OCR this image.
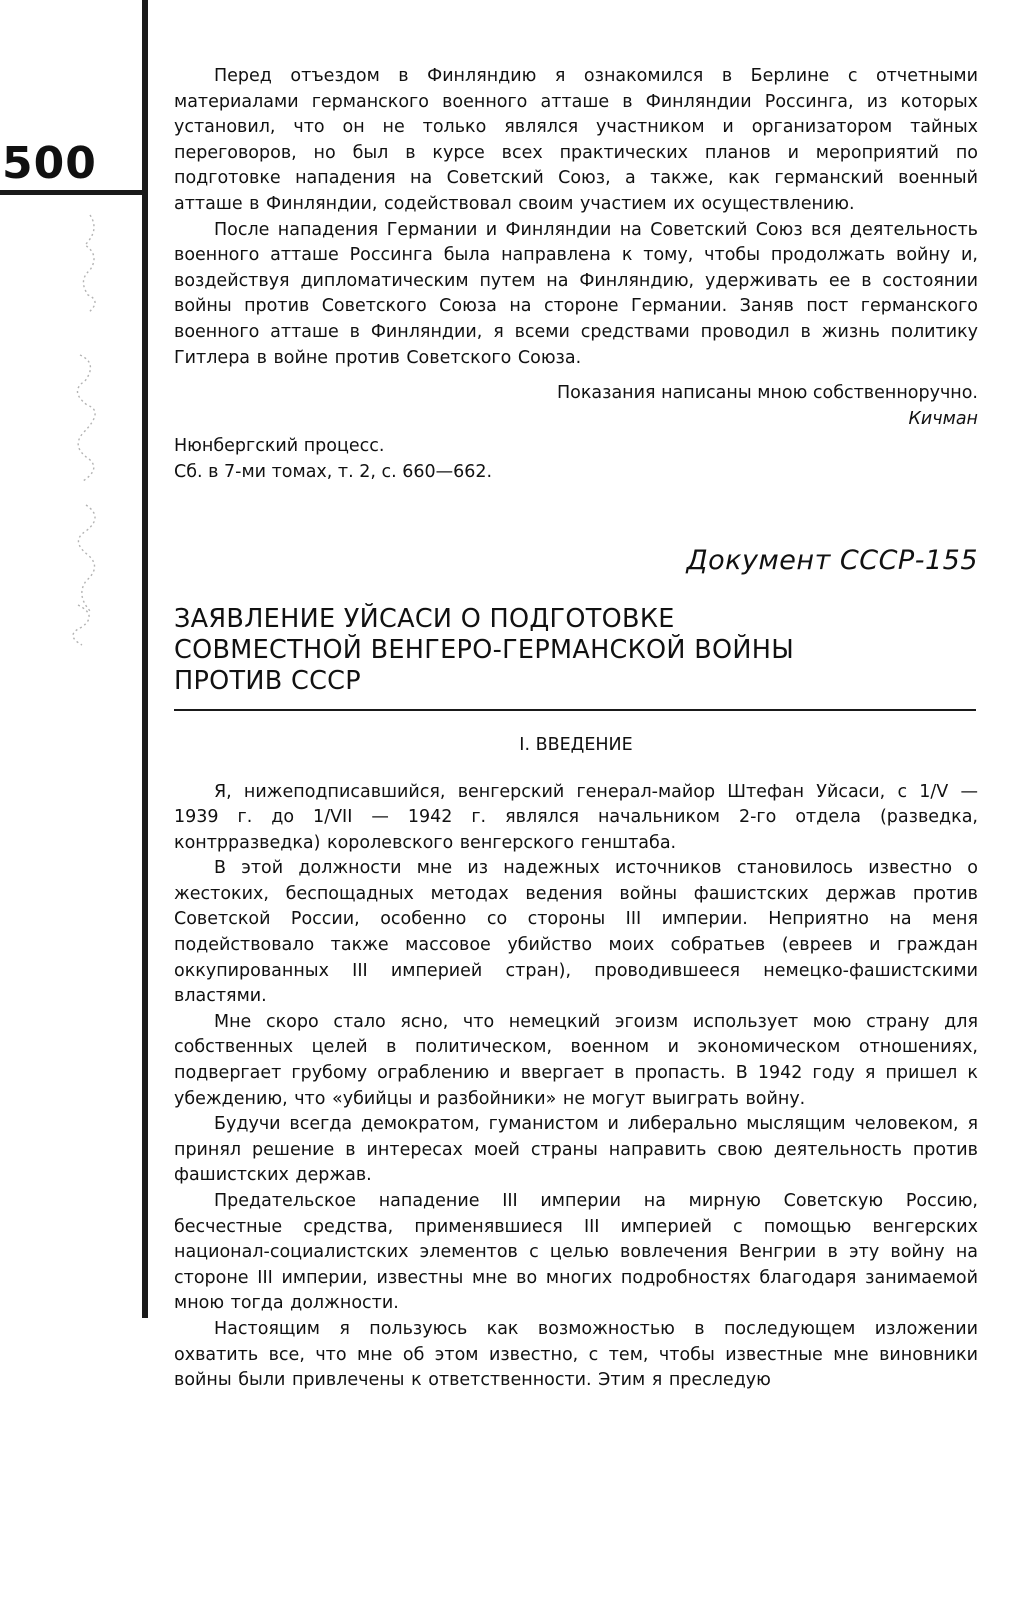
500

Перед отъездом в Финляндию я ознакомился в Берлине с отчетными материалами германского военного атташе в Финляндии Россинга, из которых установил, что он не только являлся участником и организатором тайных переговоров, но был в курсе всех практических планов и мероприятий по подготовке нападения на Советский Союз, а также, как германский военный атташе в Финляндии, содействовал своим участием их осуществлению.

После нападения Германии и Финляндии на Советский Союз вся деятельность военного атташе Россинга была направлена к тому, чтобы продолжать войну и, воздействуя дипломатическим путем на Финляндию, удерживать ее в состоянии войны против Советского Союза на стороне Германии. Заняв пост германского военного атташе в Финляндии, я всеми средствами проводил в жизнь политику Гитлера в войне против Советского Союза.

Показания написаны мною собственноручно.

Кичман

Нюнбергский процесс.

Сб. в 7-ми томах, т. 2, с. 660—662.

Документ СССР-155
ЗАЯВЛЕНИЕ УЙСАСИ О ПОДГОТОВКЕ
СОВМЕСТНОЙ ВЕНГЕРО-ГЕРМАНСКОЙ ВОЙНЫ
ПРОТИВ СССР
I. ВВЕДЕНИЕ

Я, нижеподписавшийся, венгерский генерал-майор Штефан Уйсаси, с 1/V — 1939 г. до 1/VII — 1942 г. являлся начальником 2-го отдела (разведка, контрразведка) королевского венгерского генштаба.

В этой должности мне из надежных источников становилось известно о жестоких, беспощадных методах ведения войны фашистских держав против Советской России, особенно со стороны III империи. Неприятно на меня подействовало также массовое убийство моих собратьев (евреев и граждан оккупированных III империей стран), проводившееся немецко-фашистскими властями.

Мне скоро стало ясно, что немецкий эгоизм использует мою страну для собственных целей в политическом, военном и экономическом отношениях, подвергает грубому ограблению и ввергает в пропасть. В 1942 году я пришел к убеждению, что «убийцы и разбойники» не могут выиграть войну.

Будучи всегда демократом, гуманистом и либерально мыслящим человеком, я принял решение в интересах моей страны направить свою деятельность против фашистских держав.

Предательское нападение III империи на мирную Советскую Россию, бесчестные средства, применявшиеся III империей с помощью венгерских национал-социалистских элементов с целью вовлечения Венгрии в эту войну на стороне III империи, известны мне во многих подробностях благодаря занимаемой мною тогда должности.

Настоящим я пользуюсь как возможностью в последующем изложении охватить все, что мне об этом известно, с тем, чтобы известные мне виновники войны были привлечены к ответственности. Этим я преследую
